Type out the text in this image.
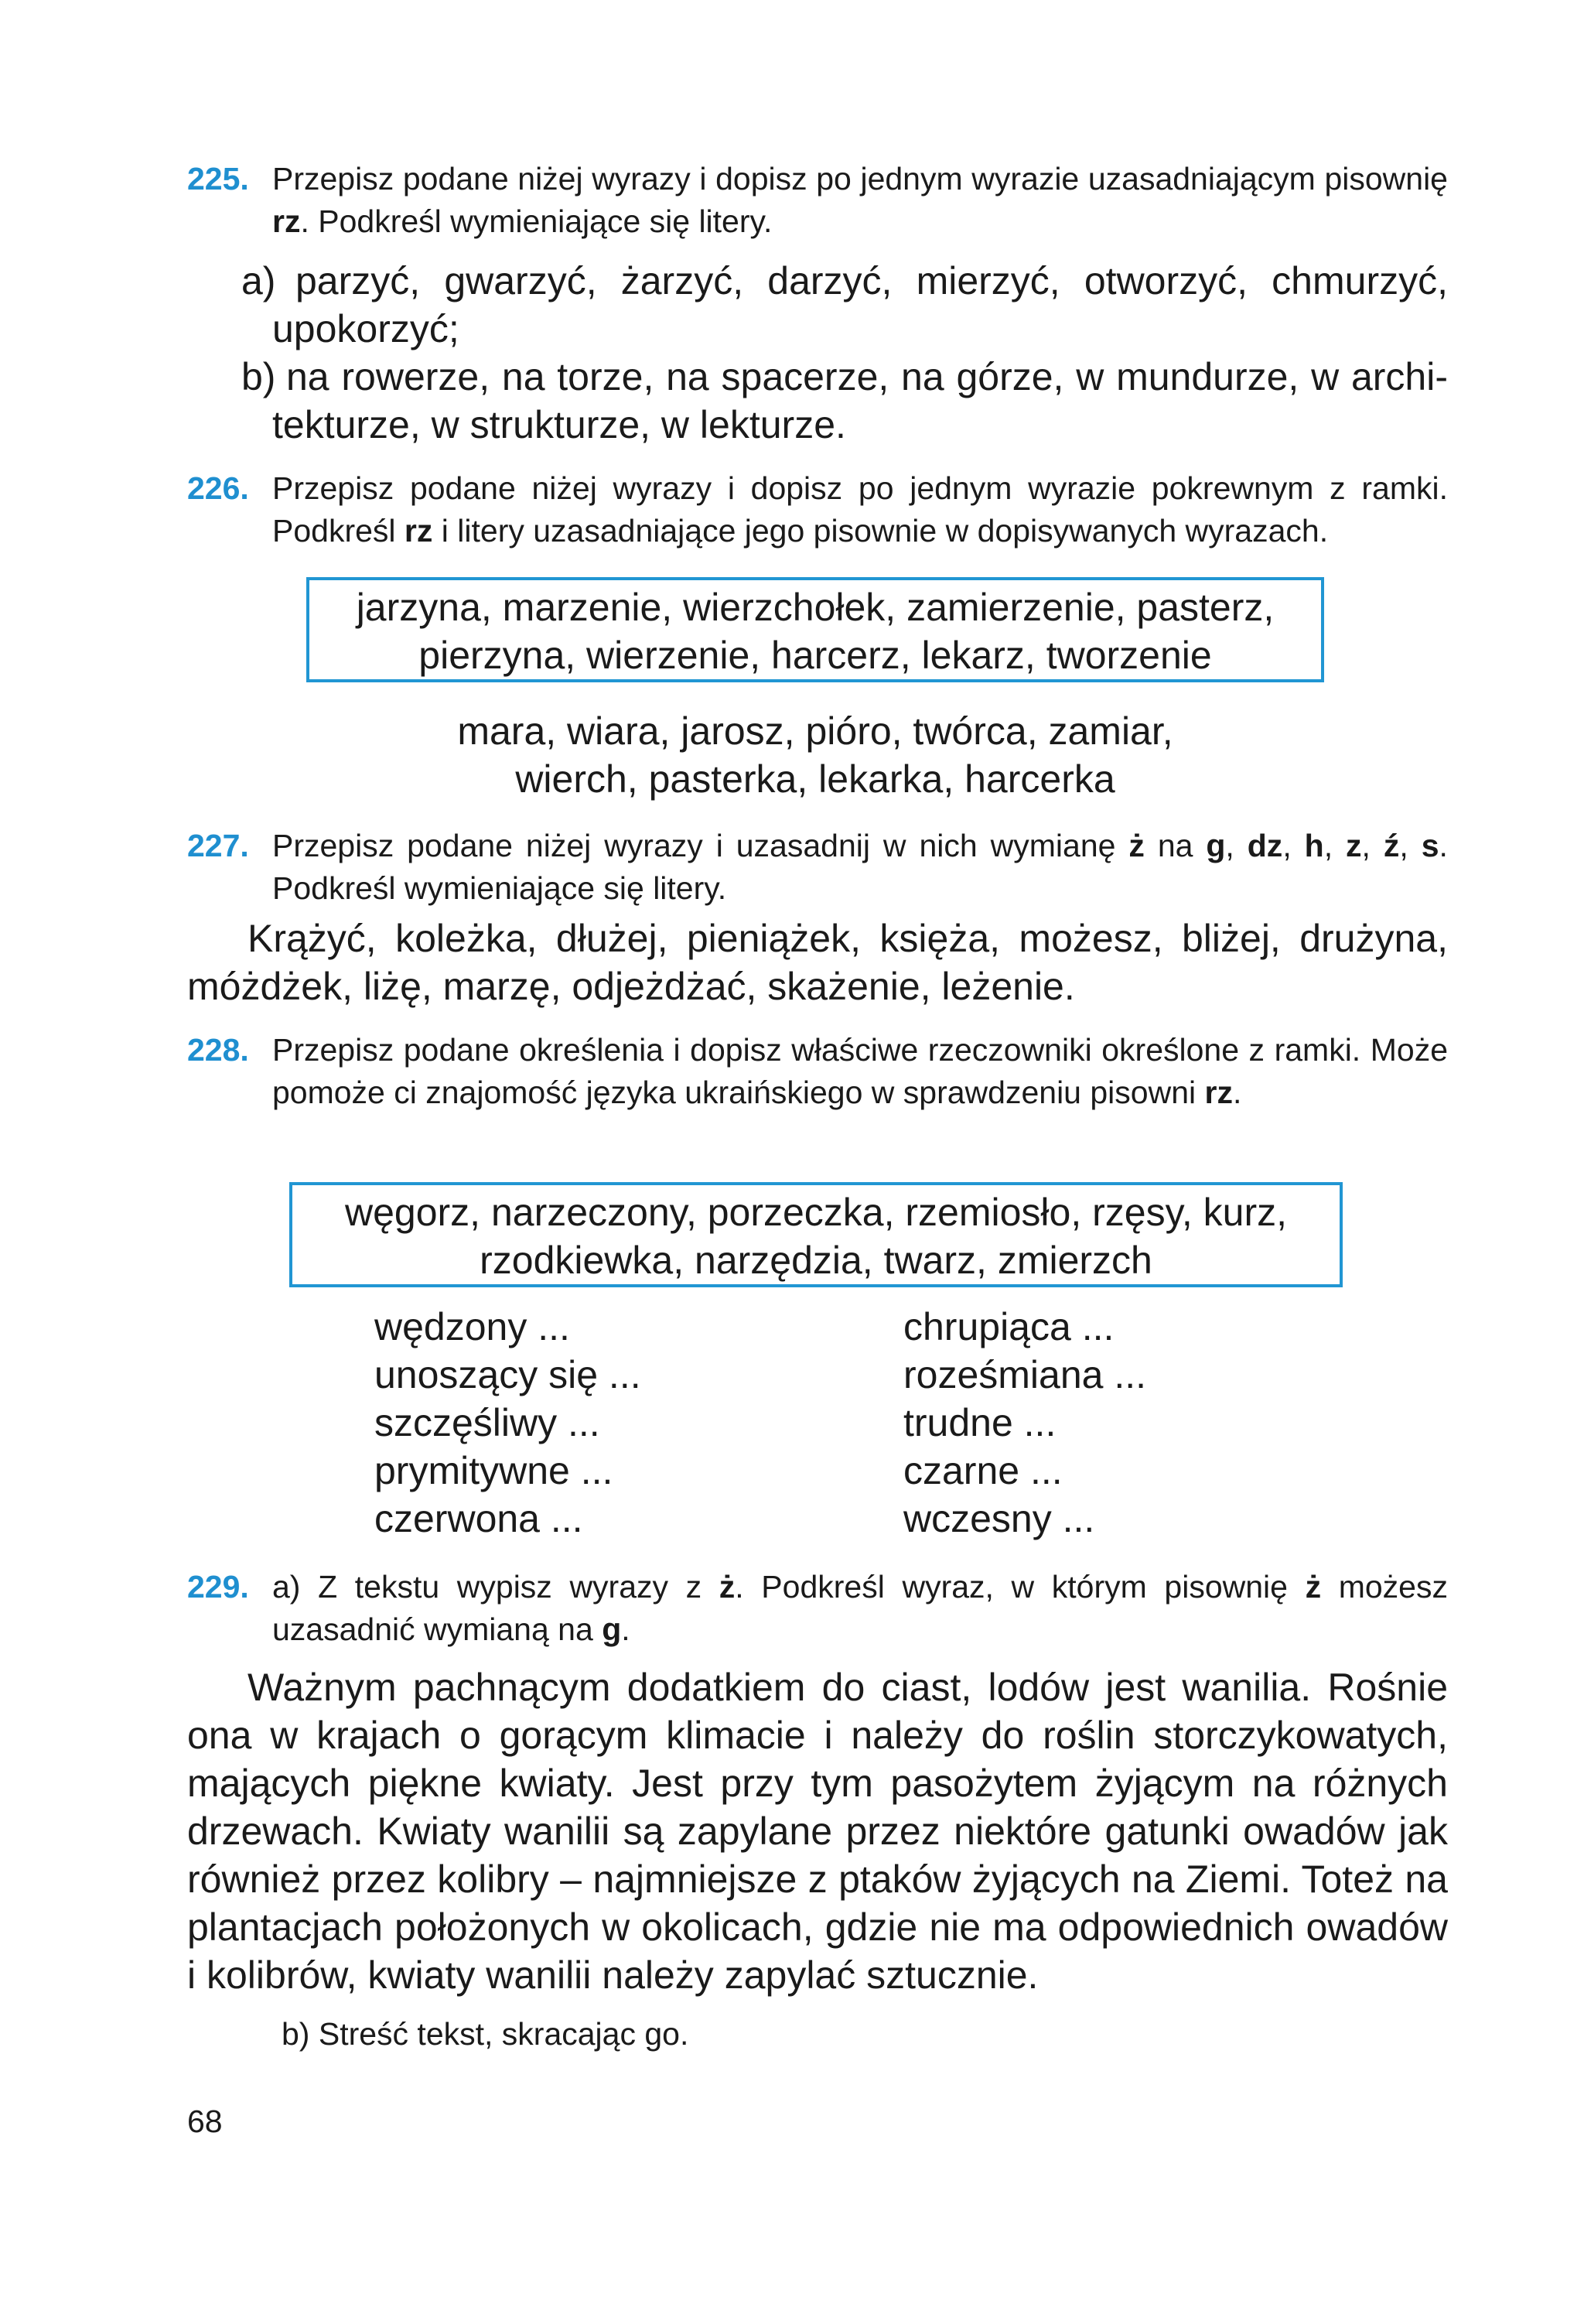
225. Przepisz podane niżej wyrazy i dopisz po jednym wyrazie uzasadniającym pisownię rz. Podkreśl wymieniające się litery.
a) parzyć, gwarzyć, żarzyć, darzyć, mierzyć, otworzyć, chmurzyć, upokorzyć;
b) na rowerze, na torze, na spacerze, na górze, w mundurze, w archi-tekturze, w strukturze, w lekturze.
226. Przepisz podane niżej wyrazy i dopisz po jednym wyrazie pokrewnym z ramki. Podkreśl rz i litery uzasadniające jego pisownie w dopisywanych wyrazach.
jarzyna, marzenie, wierzchołek, zamierzenie, pasterz,
pierzyna, wierzenie, harcerz, lekarz, tworzenie
mara, wiara, jarosz, pióro, twórca, zamiar,
wierch, pasterka, lekarka, harcerka
227. Przepisz podane niżej wyrazy i uzasadnij w nich wymianę ż na g, dz, h, z, ź, s. Podkreśl wymieniające się litery.
Krążyć, koleżka, dłużej, pieniążek, księża, możesz, bliżej, drużyna, móżdżek, liżę, marzę, odjeżdżać, skażenie, leżenie.
228. Przepisz podane określenia i dopisz właściwe rzeczowniki określone z ramki. Może pomoże ci znajomość języka ukraińskiego w sprawdzeniu pisowni rz.
węgorz, narzeczony, porzeczka, rzemiosło, rzęsy, kurz,
rzodkiewka, narzędzia, twarz, zmierzch
wędzony ...
unoszący się ...
szczęśliwy ...
prymitywne ...
czerwona ...
chrupiąca ...
roześmiana ...
trudne ...
czarne ...
wczesny ...
229. a) Z tekstu wypisz wyrazy z ż. Podkreśl wyraz, w którym pisownię ż możesz uzasadnić wymianą na g.
Ważnym pachnącym dodatkiem do ciast, lodów jest wanilia. Rośnie ona w krajach o gorącym klimacie i należy do roślin storczykowatych, mających piękne kwiaty. Jest przy tym pasożytem żyjącym na różnych drzewach. Kwiaty wanilii są zapylane przez niektóre gatunki owadów jak również przez kolibry – najmniejsze z ptaków żyjących na Ziemi. Toteż na plantacjach położonych w okolicach, gdzie nie ma odpowiednich owadów i kolibrów, kwiaty wanilii należy zapylać sztucznie.
b) Streść tekst, skracając go.
68
